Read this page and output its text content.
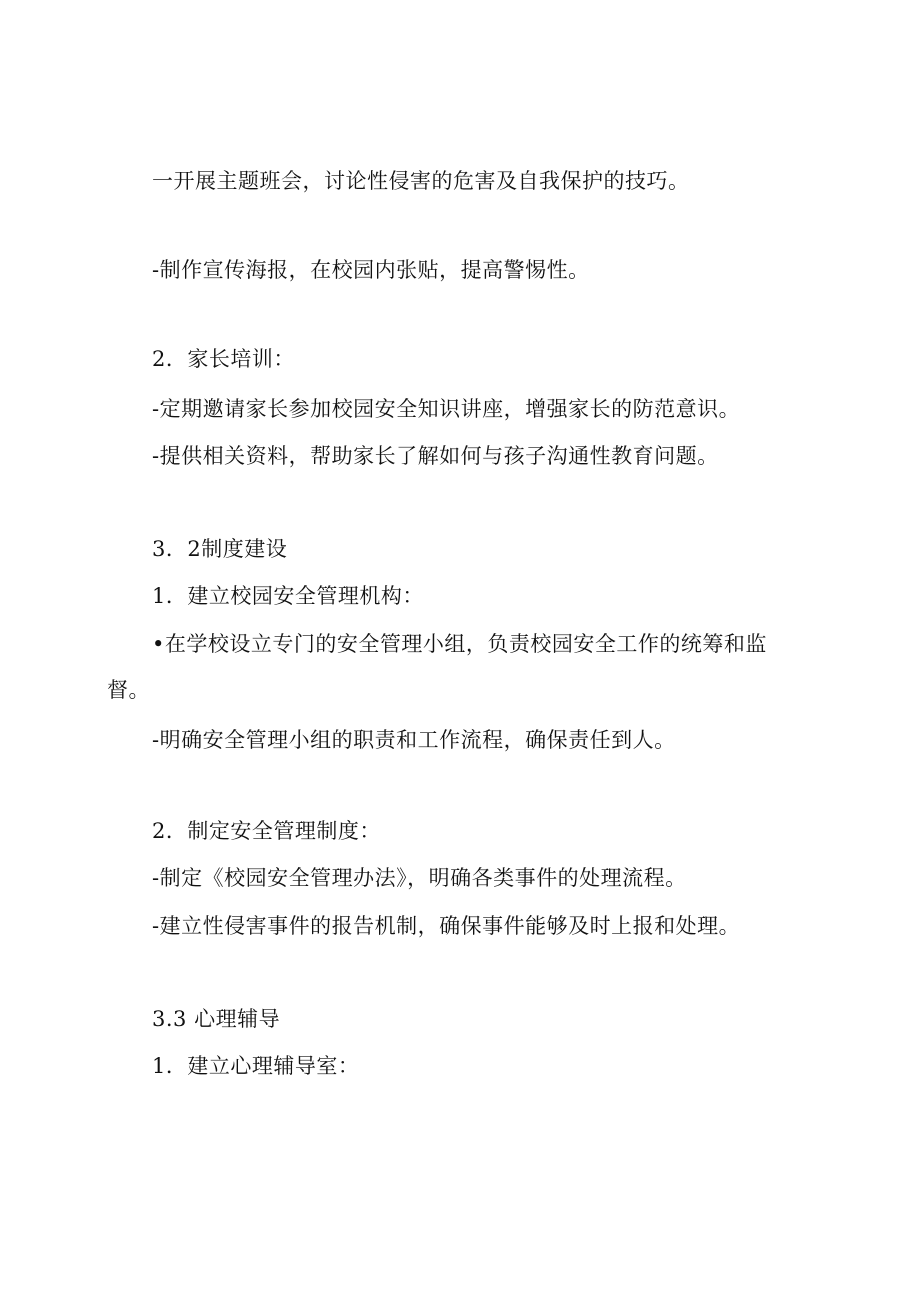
一开展主题班会，讨论性侵害的危害及自我保护的技巧。
-制作宣传海报，在校园内张贴，提高警惕性。
2．家长培训：
-定期邀请家长参加校园安全知识讲座，增强家长的防范意识。
-提供相关资料，帮助家长了解如何与孩子沟通性教育问题。
3．2制度建设
1．建立校园安全管理机构：
•在学校设立专门的安全管理小组，负责校园安全工作的统筹和监
督。
-明确安全管理小组的职责和工作流程，确保责任到人。
2．制定安全管理制度：
-制定《校园安全管理办法》，明确各类事件的处理流程。
-建立性侵害事件的报告机制，确保事件能够及时上报和处理。
3.3 心理辅导
1．建立心理辅导室：
